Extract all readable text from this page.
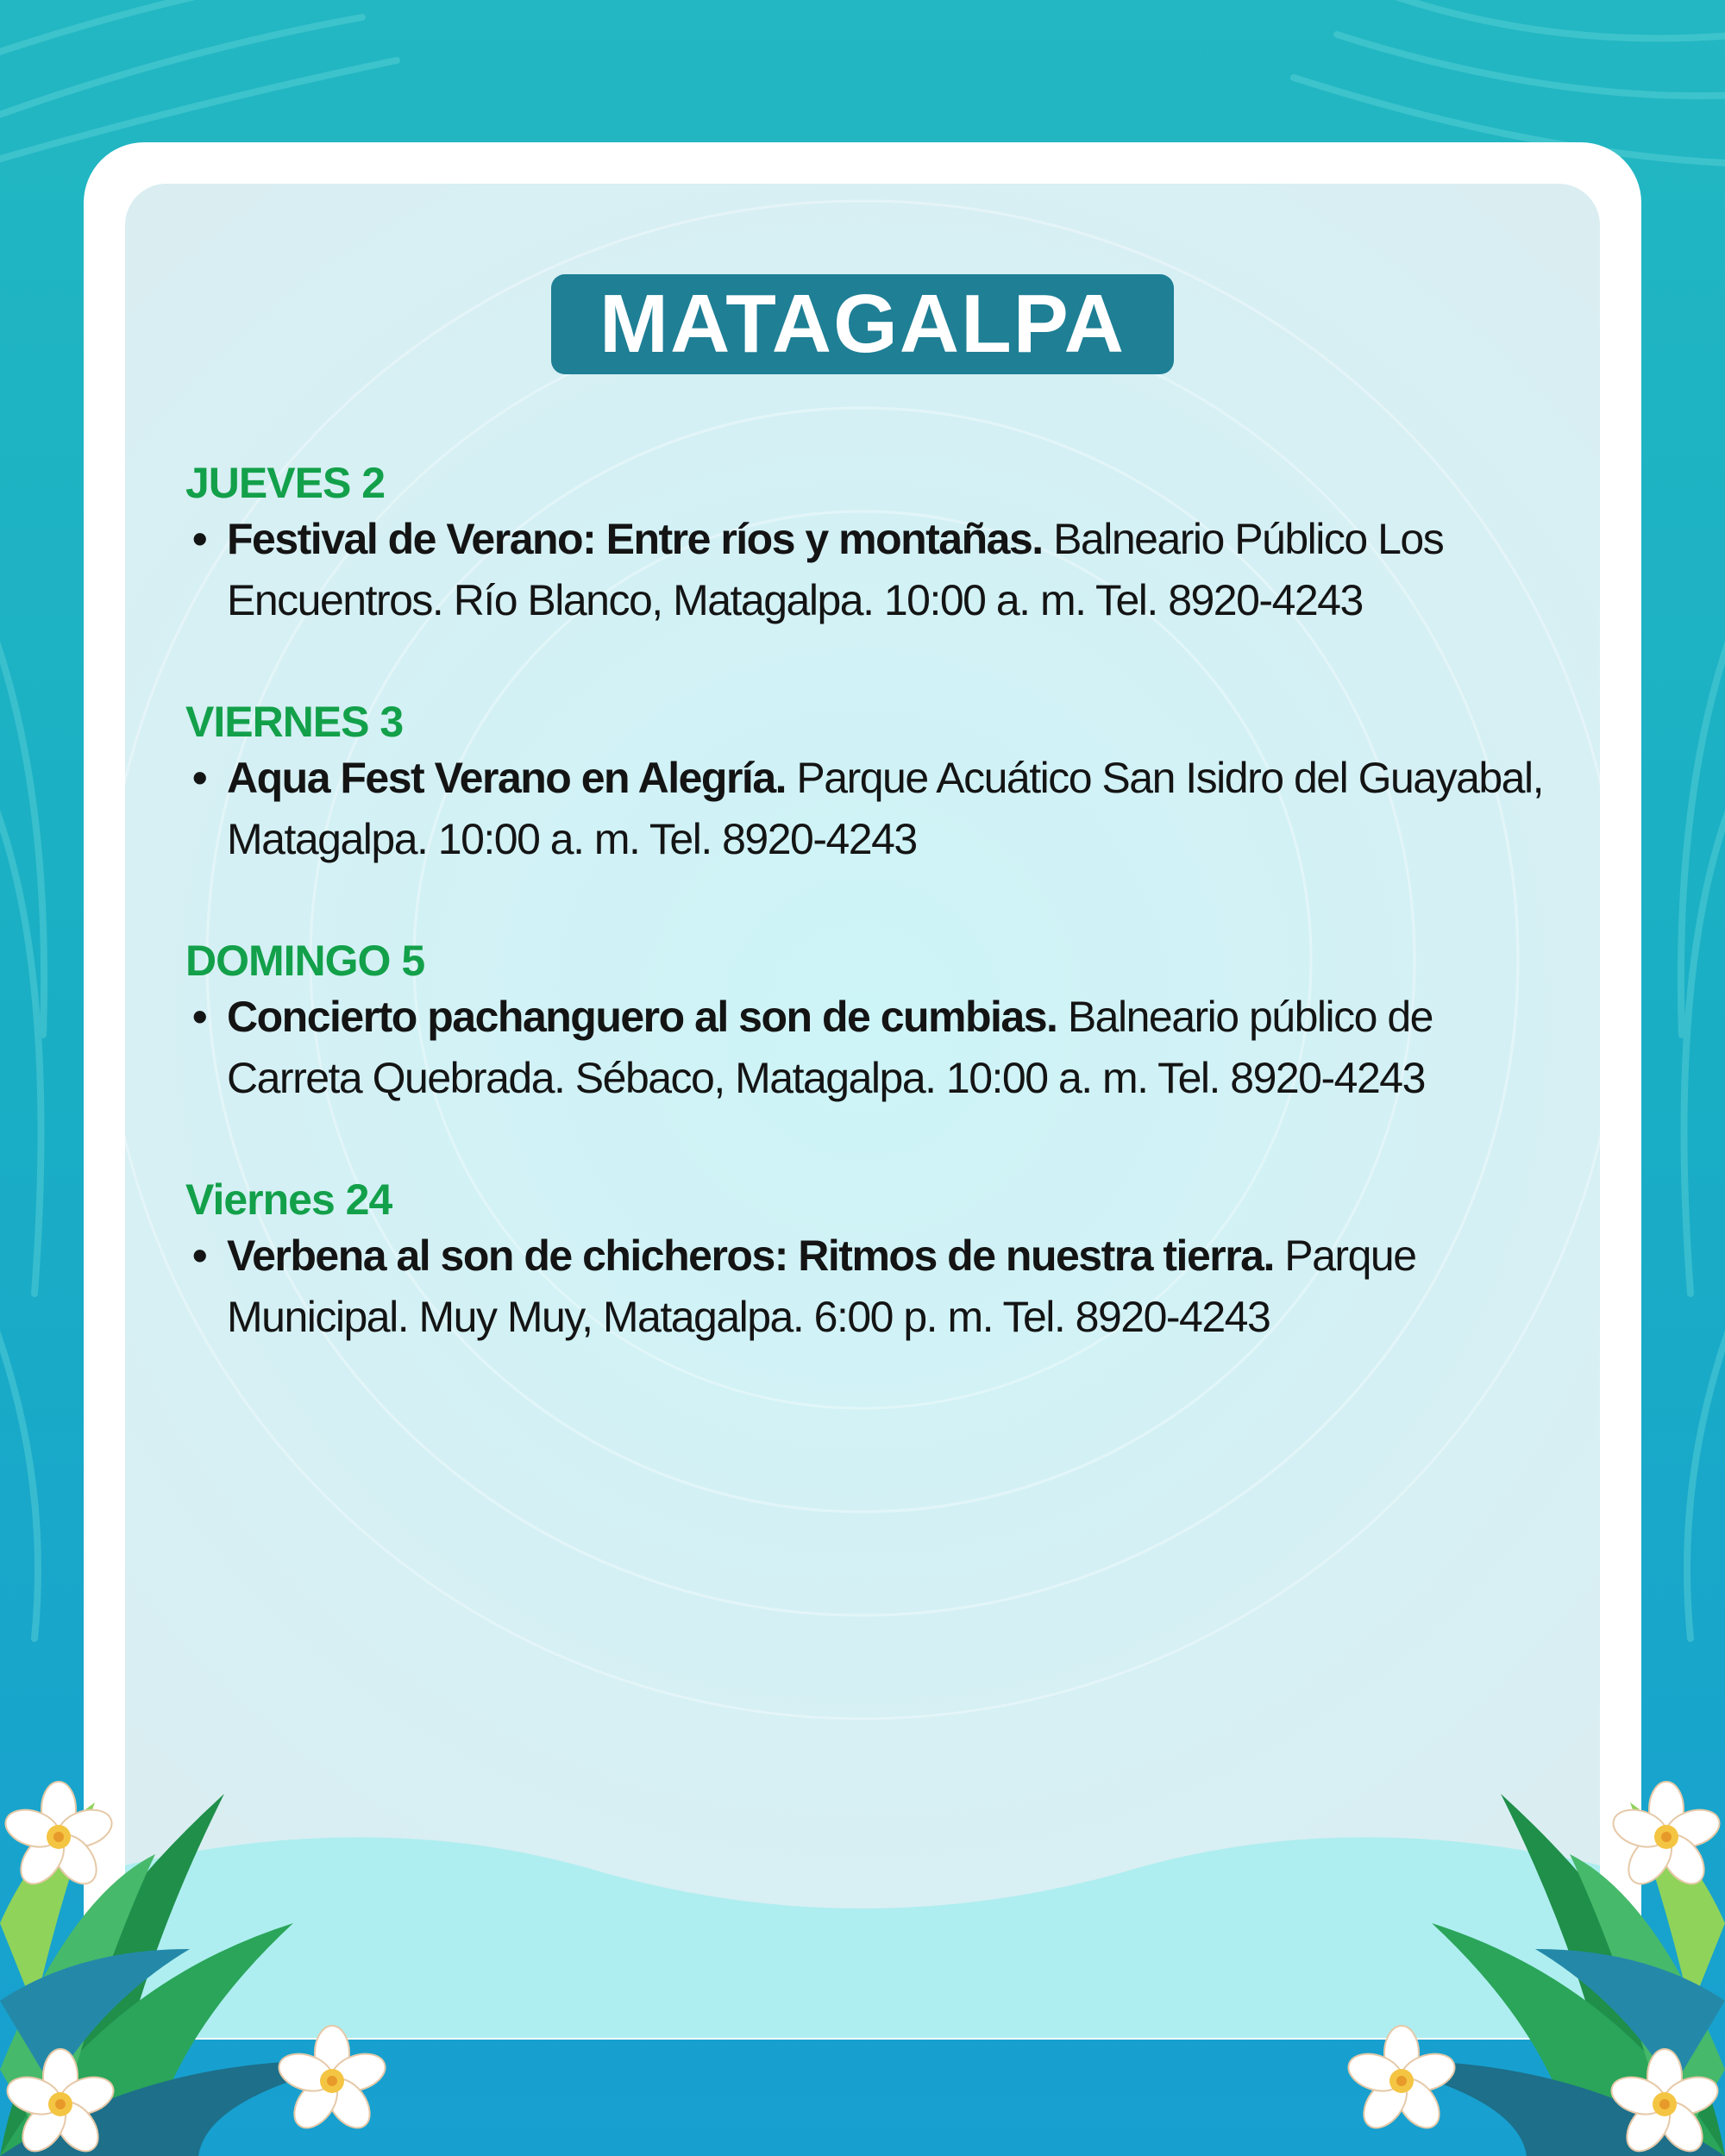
MATAGALPA
JUEVES 2
• Festival de Verano: Entre ríos y montañas. Balneario Público Los Encuentros. Río Blanco, Matagalpa. 10:00 a. m. Tel. 8920-4243
VIERNES 3
• Aqua Fest Verano en Alegría. Parque Acuático San Isidro del Guayabal, Matagalpa. 10:00 a. m. Tel. 8920-4243
DOMINGO 5
• Concierto pachanguero al son de cumbias. Balneario público de Carreta Quebrada. Sébaco, Matagalpa. 10:00 a. m. Tel. 8920-4243
Viernes 24
• Verbena al son de chicheros: Ritmos de nuestra tierra. Parque Municipal. Muy Muy, Matagalpa. 6:00 p. m. Tel. 8920-4243
